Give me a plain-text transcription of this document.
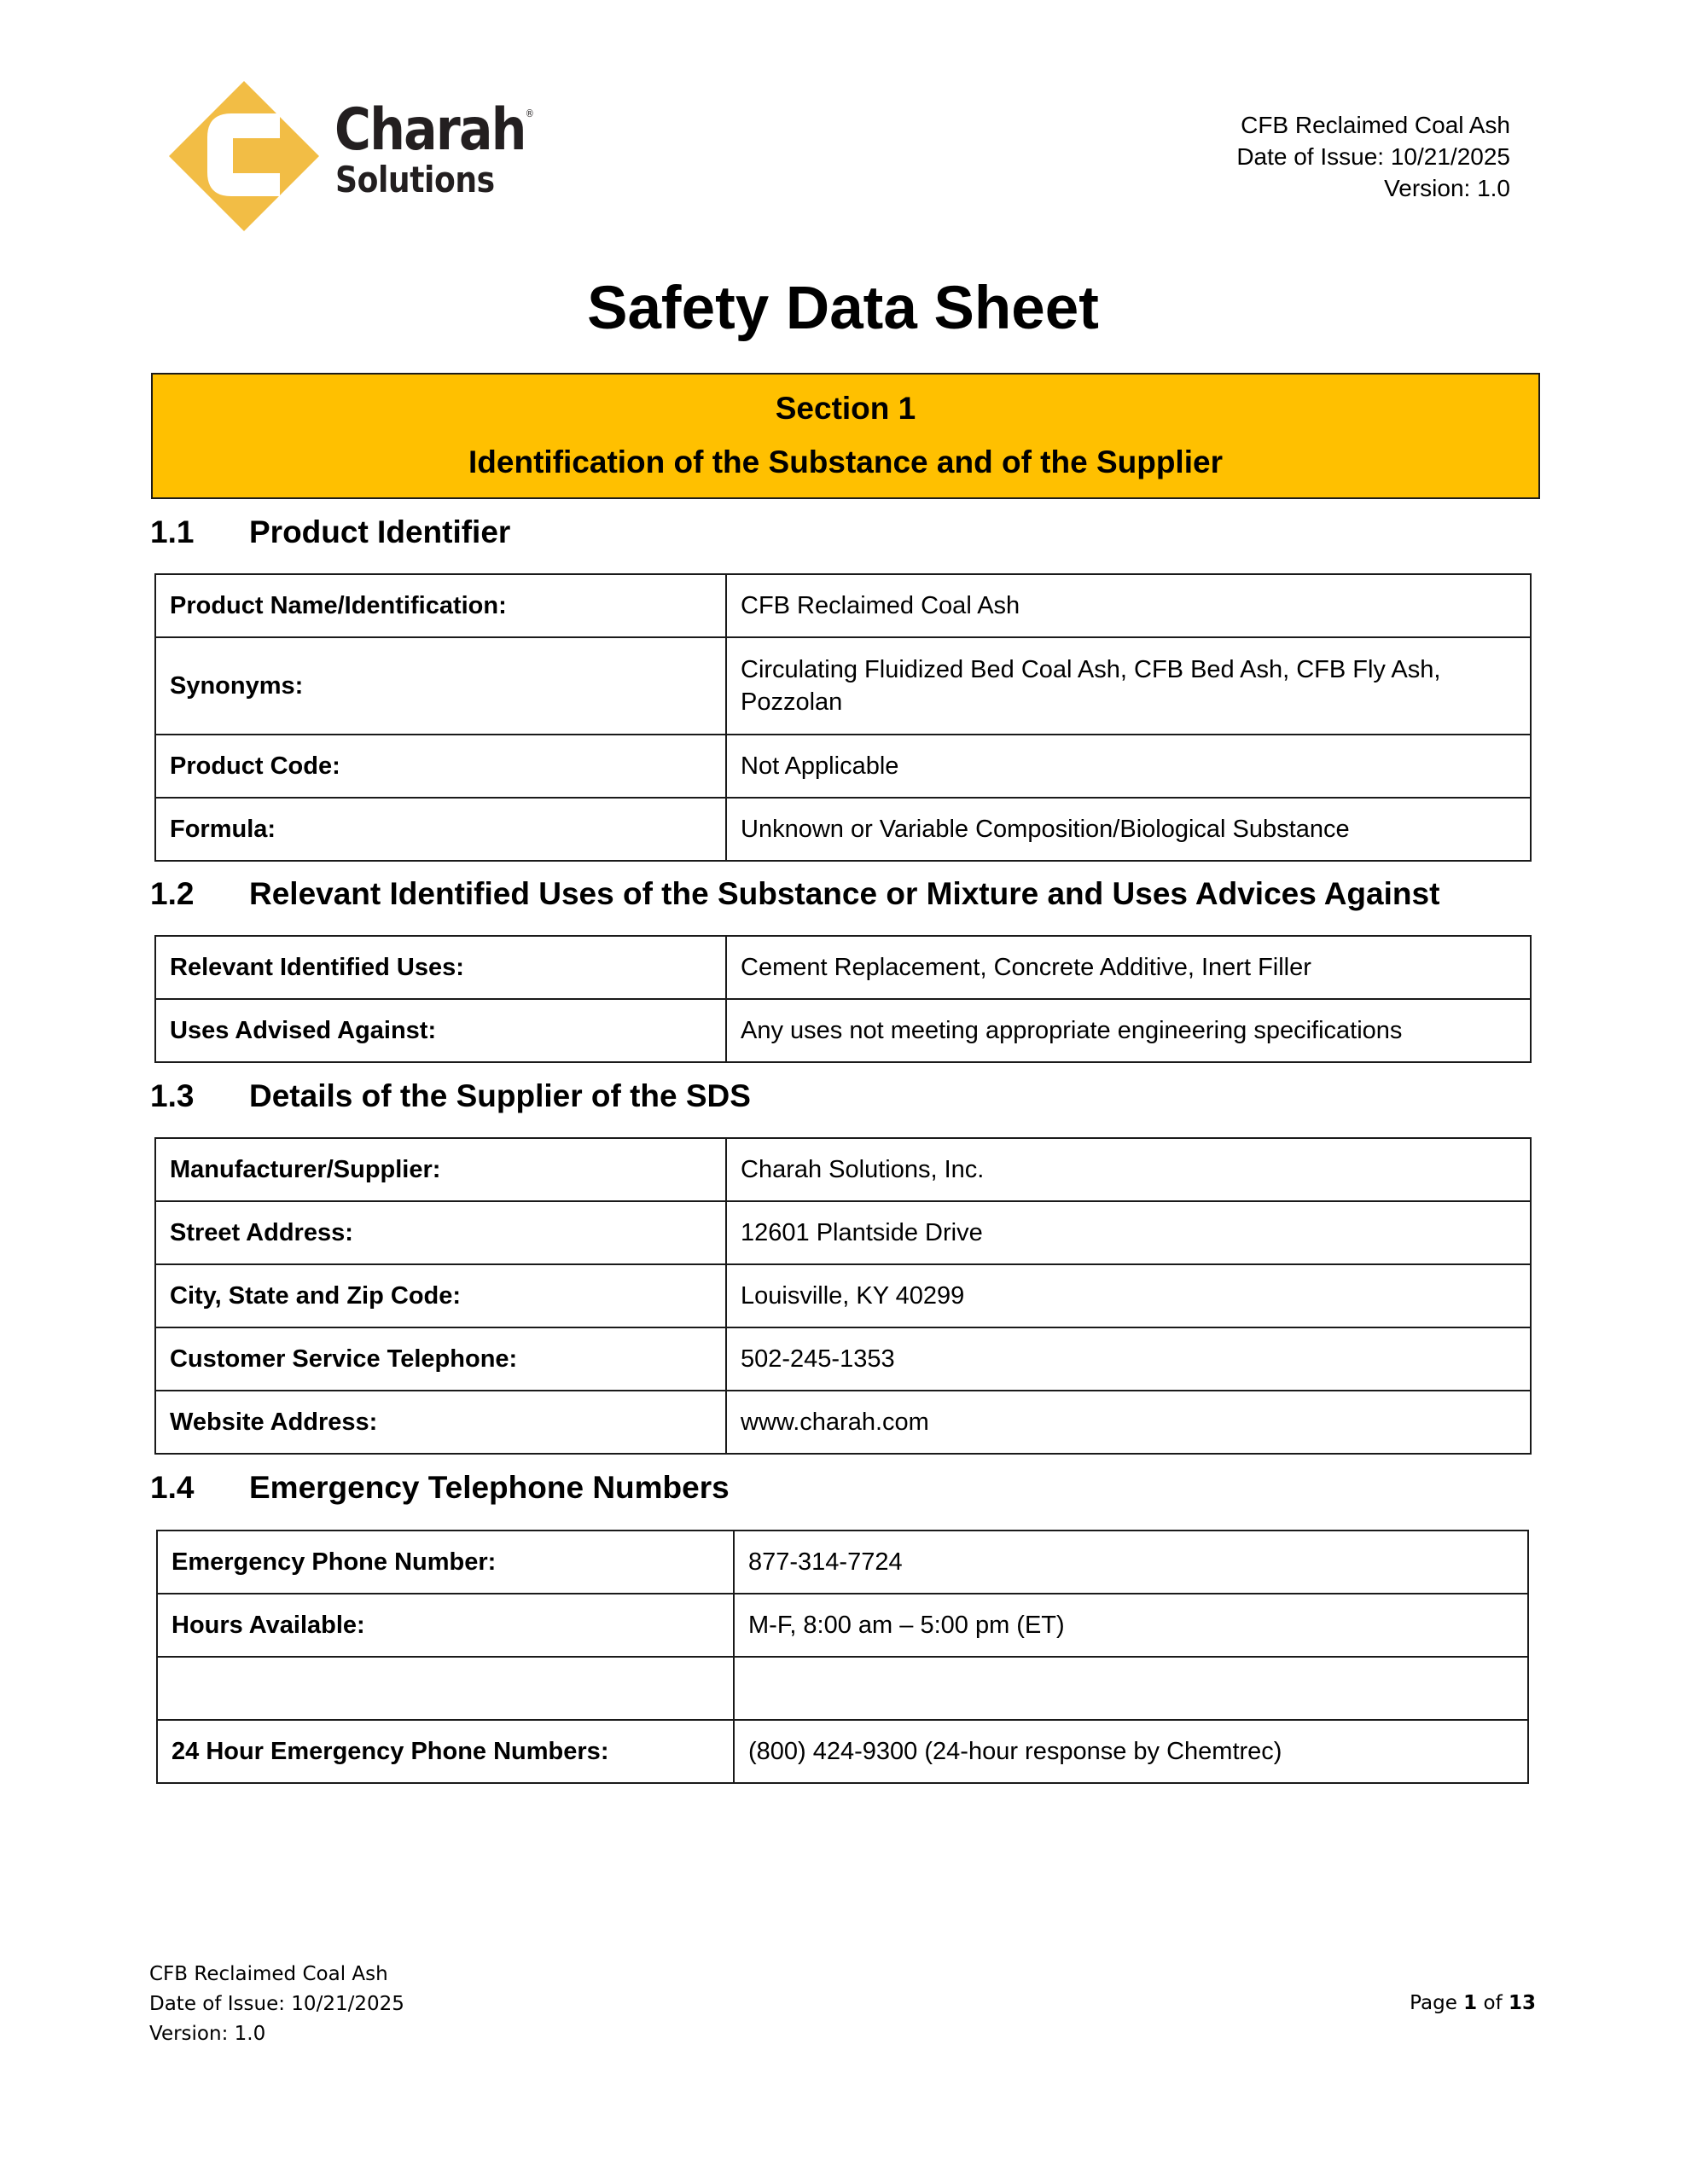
Charah®
Solutions
CFB Reclaimed Coal Ash
Date of Issue: 10/21/2025
Version: 1.0
Safety Data Sheet
Section 1
Identification of the Substance and of the Supplier
1.1 Product Identifier
Product Name/Identification:	CFB Reclaimed Coal Ash
Synonyms:	Circulating Fluidized Bed Coal Ash, CFB Bed Ash, CFB Fly Ash, Pozzolan
Product Code:	Not Applicable
Formula:	Unknown or Variable Composition/Biological Substance
1.2 Relevant Identified Uses of the Substance or Mixture and Uses Advices Against
Relevant Identified Uses:	Cement Replacement, Concrete Additive, Inert Filler
Uses Advised Against:	Any uses not meeting appropriate engineering specifications
1.3 Details of the Supplier of the SDS
Manufacturer/Supplier:	Charah Solutions, Inc.
Street Address:	12601 Plantside Drive
City, State and Zip Code:	Louisville, KY 40299
Customer Service Telephone:	502-245-1353
Website Address:	www.charah.com
1.4 Emergency Telephone Numbers
Emergency Phone Number:	877-314-7724
Hours Available:	M-F, 8:00 am – 5:00 pm (ET)

24 Hour Emergency Phone Numbers:	(800) 424-9300 (24-hour response by Chemtrec)
CFB Reclaimed Coal Ash
Date of Issue: 10/21/2025
Version: 1.0
Page 1 of 13
